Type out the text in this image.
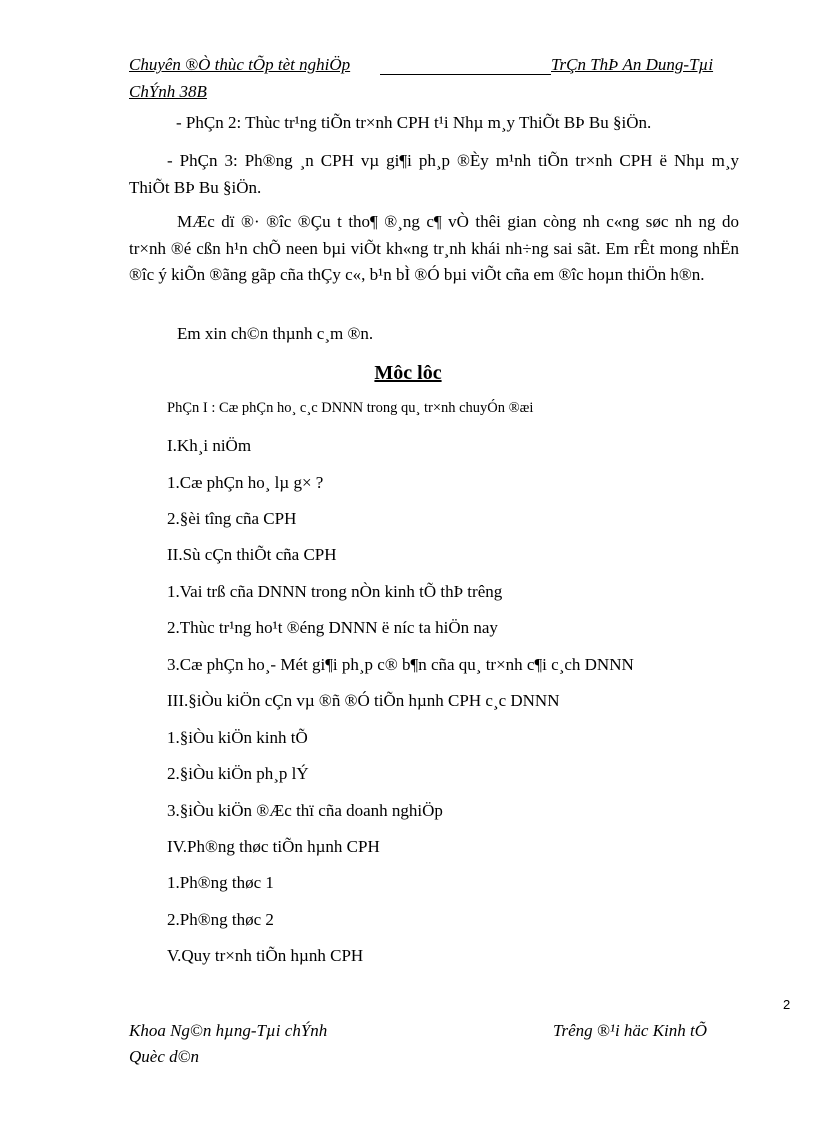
Chuyên ®Ò thùc tÕp tèt nghiÖp	TrÇn ThÞ An Dung-Tµi
ChÝnh 38B
- PhÇn 2: Thùc tr¹ng tiÕn tr×nh CPH t¹i Nhµ m¸y ThiÕt BÞ Bu §iÖn.
- PhÇn 3: Ph®ng ¸n CPH vµ gi¶i ph¸p ®Èy m¹nh tiÕn tr×nh CPH ë Nhµ m¸y ThiÕt BÞ Bu §iÖn.
MÆc dï ®· ®îc ®Çu t tho¶ ®¸ng c¶ vÒ thêi gian còng nh c«ng søc nh ng do tr×nh ®é cßn h¹n chÕ neen bµi viÕt kh«ng tr¸nh khái nh÷ng sai sãt. Em rÊt mong nhËn ®îc ý kiÕn ®ãng gãp cña thÇy c«, b¹n bÌ ®Ó bµi viÕt cña em ®îc hoµn thiÖn h®n.
Em xin ch©n thµnh c¸m ®n.
Môc lôc
PhÇn I : Cæ phÇn ho¸ c¸c DNNN trong qu¸ tr×nh chuyÓn ®æi
I.Kh¸i niÖm
1.Cæ phÇn ho¸ lµ g× ?
2.§èi tîng cña CPH
II.Sù cÇn thiÕt cña CPH
1.Vai trß cña DNNN trong nÒn kinh tÕ thÞ trêng
2.Thùc tr¹ng ho¹t ®éng DNNN ë níc ta hiÖn nay
3.Cæ phÇn ho¸- Mét gi¶i ph¸p c® b¶n cña qu¸ tr×nh c¶i c¸ch DNNN
III.§iÒu kiÖn cÇn vµ ®ñ ®Ó tiÕn hµnh CPH c¸c DNNN
1.§iÒu kiÖn kinh tÕ
2.§iÒu kiÖn ph¸p lÝ
3.§iÒu kiÖn ®Æc thï cña doanh nghiÖp
IV.Ph®ng thøc tiÕn hµnh CPH
1.Ph®ng thøc 1
2.Ph®ng thøc 2
V.Quy tr×nh tiÕn hµnh CPH
2
Khoa Ng©n hµng-Tµi chÝnh	Trêng ®¹i häc Kinh tÕ
Quèc d©n
